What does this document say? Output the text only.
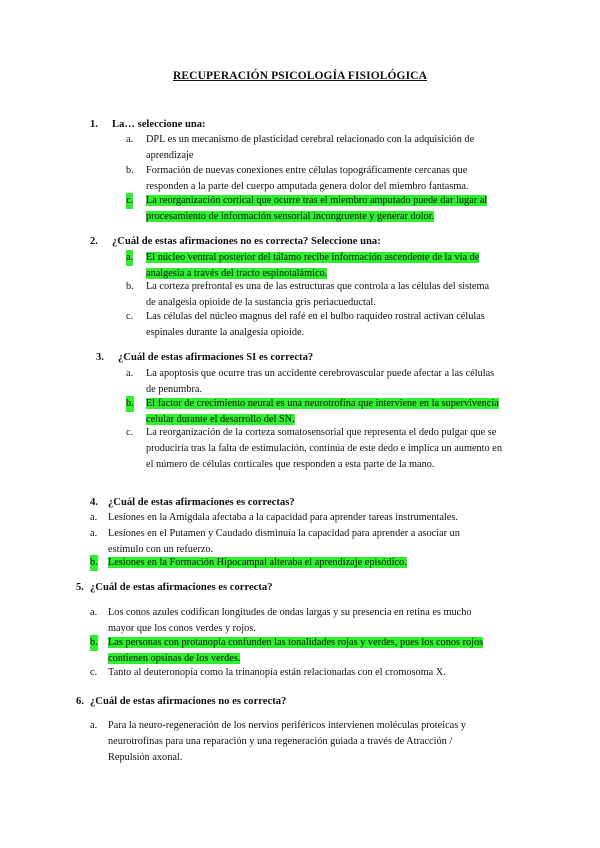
RECUPERACIÓN PSICOLOGÍA FISIOLÓGICA
1. La… seleccione una:
a. DPL es un mecanismo de plasticidad cerebral relacionado con la adquisición de
aprendizaje
b. Formación de nuevas conexiones entre células topográficamente cercanas que
responden a la parte del cuerpo amputada genera dolor del miembro fantasma.
c. La reorganización cortical que ocurre tras el miembro amputado puede dar lugar al
procesamiento de información sensorial incongruente y generar dolor.
2. ¿Cuál de estas afirmaciones no es correcta? Seleccione una:
a. El núcleo ventral posterior del tálamo recibe información ascendente de la vía de
analgesia a través del tracto espinotalámico.
b. La corteza prefrontal es una de las estructuras que controla a las células del sistema
de analgesia opioide de la sustancia gris periacueductal.
c. Las células del núcleo magnus del rafé en el bulbo raquídeo rostral activan células
espinales durante la analgesia opioide.
3. ¿Cuál de estas afirmaciones SI es correcta?
a. La apoptosis que ocurre tras un accidente cerebrovascular puede afectar a las células
de penumbra.
b. El factor de crecimiento neural es una neurotrofina que interviene en la supervivencia
celular durante el desarrollo del SN.
c. La reorganización de la corteza somatosensorial que representa el dedo pulgar que se
produciría tras la falta de estimulación, continúa de este dedo e implica un aumento en
el número de células corticales que responden a esta parte de la mano.
4. ¿Cuál de estas afirmaciones es correctas?
a. Lesiones en la Amígdala afectaba a la capacidad para aprender tareas instrumentales.
a. Lesiones en el Putamen y Caudado disminuía la capacidad para aprender a asociar un
estímulo con un refuerzo.
b. Lesiones en la Formación Hipocampal alteraba el aprendizaje episódico.
5. ¿Cuál de estas afirmaciones es correcta?
a. Los conos azules codifican longitudes de ondas largas y su presencia en retina es mucho
mayor que los conos verdes y rojos.
b. Las personas con protanopia confunden las tonalidades rojas y verdes, pues los conos rojos
contienen opsinas de los verdes.
c. Tanto al deuteronopía como la trinanopía están relacionadas con el cromosoma X.
6. ¿Cuál de estas afirmaciones no es correcta?
a. Para la neuro-regeneración de los nervios periféricos intervienen moléculas proteicas y
neurotrofinas para una reparación y una regeneración guiada a través de Atracción /
Repulsión axonal.
